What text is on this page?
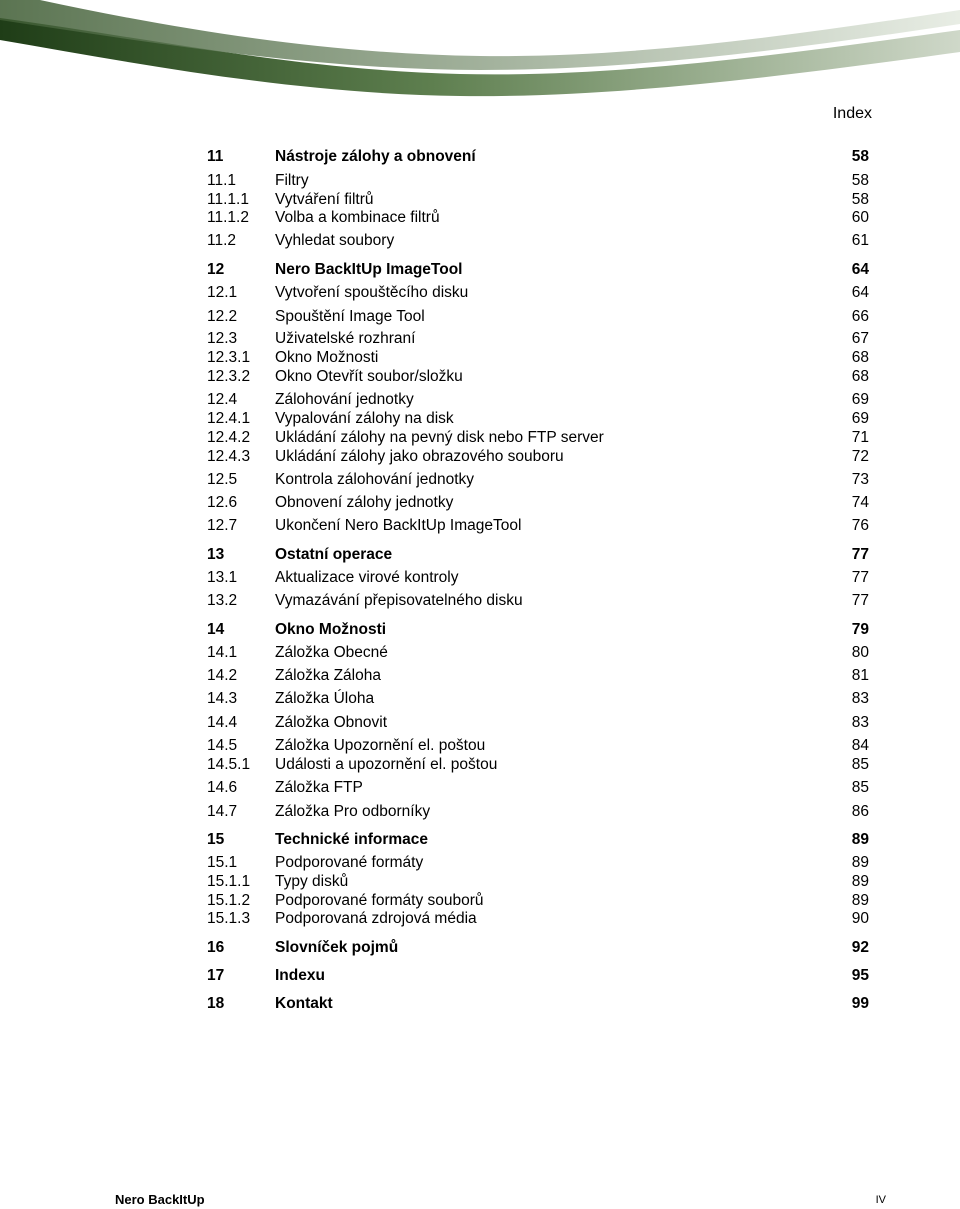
Index
11	Nástroje zálohy a obnovení	58
11.1	Filtry	58
11.1.1 Vytváření filtrů	58
11.1.2 Volba a kombinace filtrů	60
11.2	Vyhledat soubory	61
12	Nero BackItUp ImageTool	64
12.1 Vytvoření spouštěcího disku	64
12.2 Spouštění Image Tool	66
12.3 Uživatelské rozhraní	67
12.3.1 Okno Možnosti	68
12.3.2 Okno Otevřít soubor/složku	68
12.4 Zálohování jednotky	69
12.4.1 Vypalování zálohy na disk	69
12.4.2 Ukládání zálohy na pevný disk nebo FTP server	71
12.4.3 Ukládání zálohy jako obrazového souboru	72
12.5 Kontrola zálohování jednotky	73
12.6 Obnovení zálohy jednotky	74
12.7 Ukončení Nero BackItUp ImageTool	76
13	Ostatní operace	77
13.1 Aktualizace virové kontroly	77
13.2 Vymazávání přepisovatelného disku	77
14	Okno Možnosti	79
14.1 Záložka Obecné	80
14.2 Záložka Záloha	81
14.3 Záložka Úloha	83
14.4 Záložka Obnovit	83
14.5 Záložka Upozornění el. poštou	84
14.5.1 Události a upozornění el. poštou	85
14.6 Záložka FTP	85
14.7 Záložka Pro odborníky	86
15	Technické informace	89
15.1 Podporované formáty	89
15.1.1 Typy disků	89
15.1.2 Podporované formáty souborů	89
15.1.3 Podporovaná zdrojová média	90
16	Slovníček pojmů	92
17	Indexu	95
18	Kontakt	99
Nero BackItUp	IV
